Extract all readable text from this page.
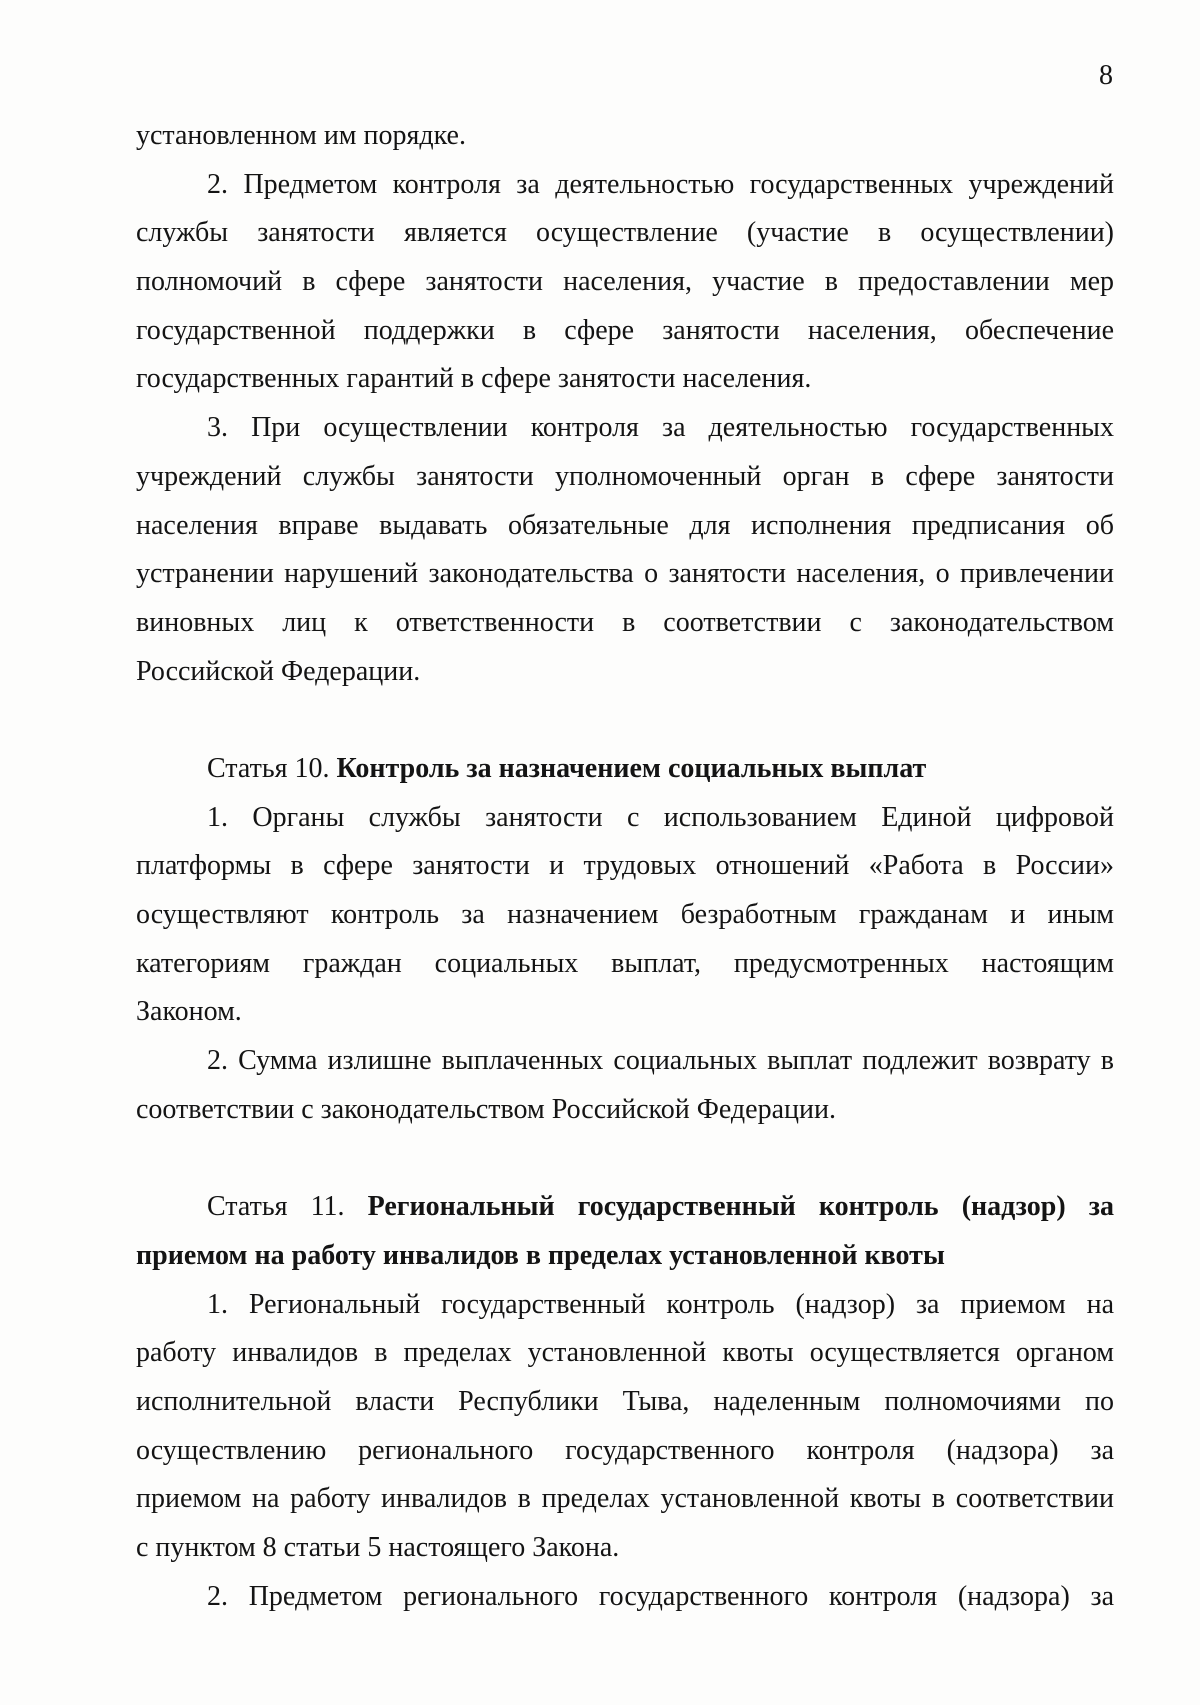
8
установленном им порядке.
2. Предметом контроля за деятельностью государственных учреждений
службы занятости является осуществление (участие в осуществлении)
полномочий в сфере занятости населения, участие в предоставлении мер
государственной поддержки в сфере занятости населения, обеспечение
государственных гарантий в сфере занятости населения.
3. При осуществлении контроля за деятельностью государственных
учреждений службы занятости уполномоченный орган в сфере занятости
населения вправе выдавать обязательные для исполнения предписания об
устранении нарушений законодательства о занятости населения, о привлечении
виновных лиц к ответственности в соответствии с законодательством
Российской Федерации.
Статья 10. Контроль за назначением социальных выплат
1. Органы службы занятости с использованием Единой цифровой
платформы в сфере занятости и трудовых отношений «Работа в России»
осуществляют контроль за назначением безработным гражданам и иным
категориям граждан социальных выплат, предусмотренных настоящим
Законом.
2. Сумма излишне выплаченных социальных выплат подлежит возврату в
соответствии с законодательством Российской Федерации.
Статья 11. Региональный государственный контроль (надзор) за
приемом на работу инвалидов в пределах установленной квоты
1. Региональный государственный контроль (надзор) за приемом на
работу инвалидов в пределах установленной квоты осуществляется органом
исполнительной власти Республики Тыва, наделенным полномочиями по
осуществлению регионального государственного контроля (надзора) за
приемом на работу инвалидов в пределах установленной квоты в соответствии
с пунктом 8 статьи 5 настоящего Закона.
2. Предметом регионального государственного контроля (надзора) за
